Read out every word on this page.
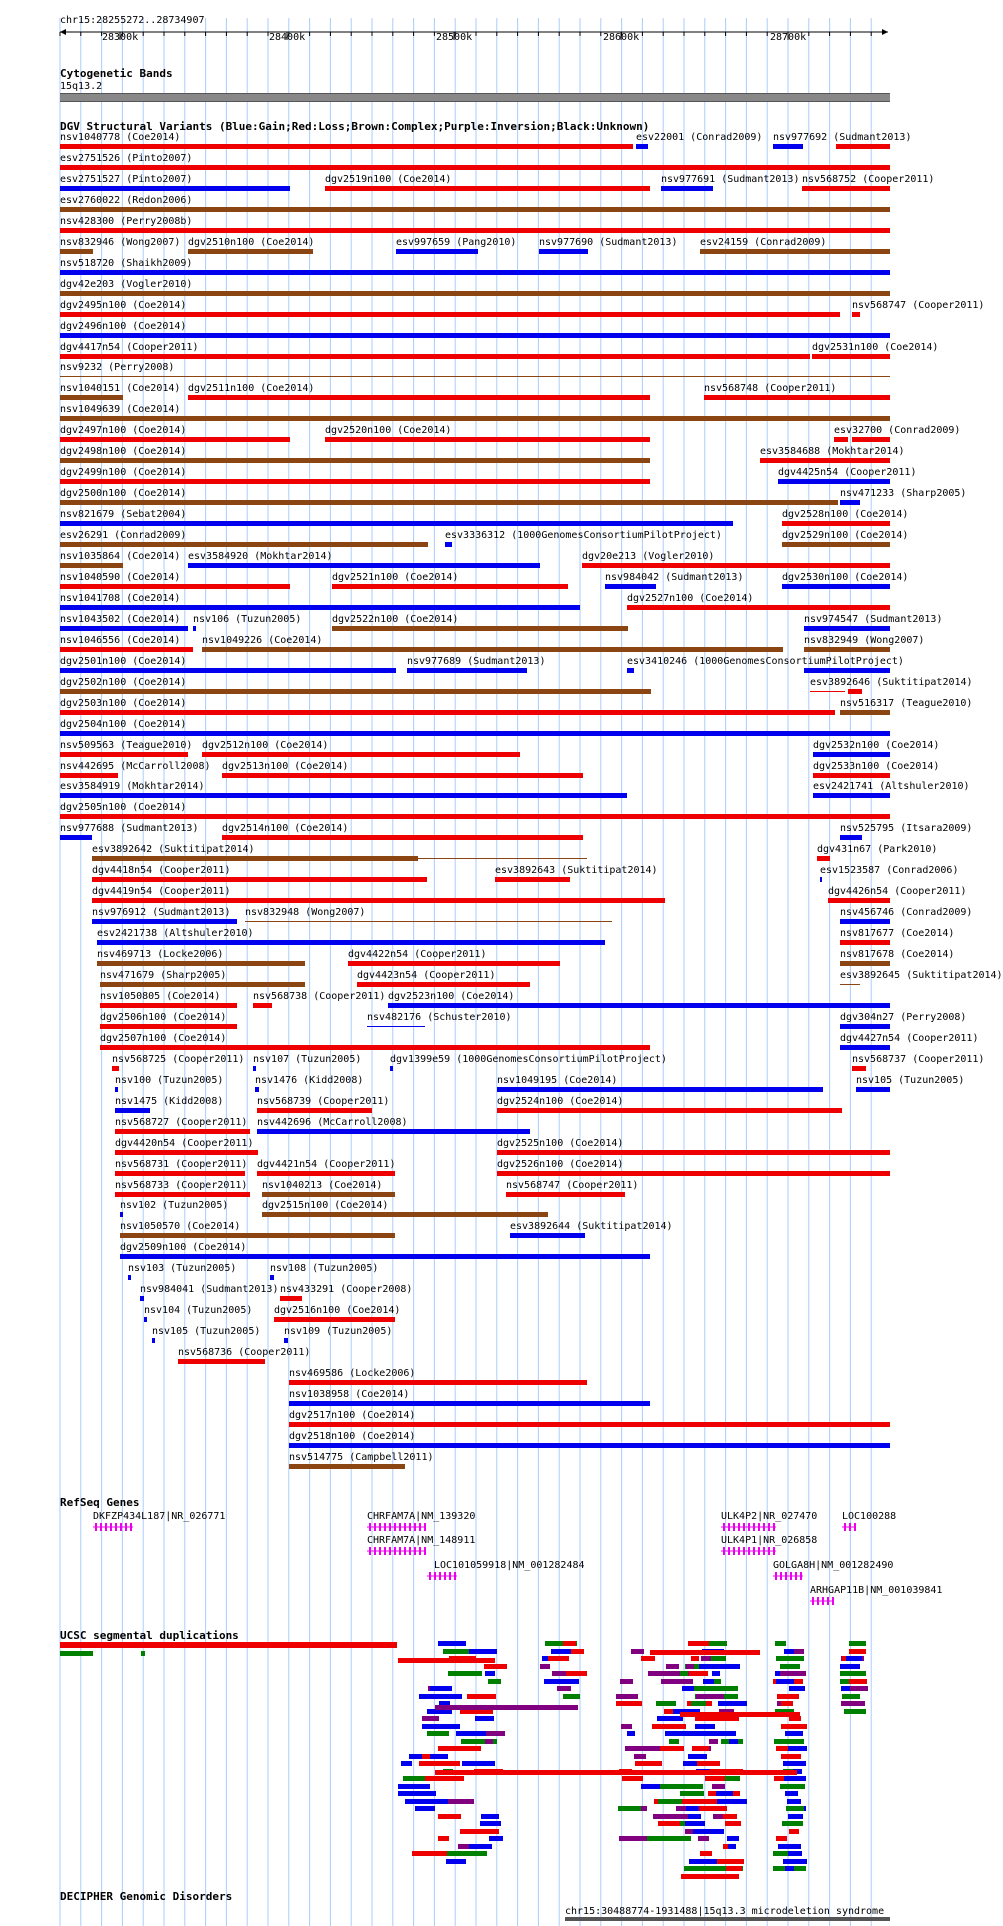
chr15:28255272..28734907
28300k	28400k	28500k	28600k	28700k
Cytogenetic Bands
15q13.2
DGV Structural Variants (Blue:Gain;Red:Loss;Brown:Complex;Purple:Inversion;Black:Unknown)
nsv1040778 (Coe2014)	esv22001 (Conrad2009) nsv977692 (Sudmant2013)
esv2751526 (Pinto2007)
esv2751527 (Pinto2007)	dgv2519n100 (Coe2014)	nsv977691 (Sudmant2013) nsv568752 (Cooper2011)
esv2760022 (Redon2006)
nsv428300 (Perry2008b)
nsv832946 (Wong2007) dgv2510n100 (Coe2014)	esv997659 (Pang2010) nsv977690 (Sudmant2013) esv24159 (Conrad2009)
nsv518720 (Shaikh2009)
dgv42e203 (Vogler2010)
dgv2495n100 (Coe2014)	nsv568747 (Cooper2011)
dgv2496n100 (Coe2014)
dgv4417n54 (Cooper2011)	dgv2531n100 (Coe2014)
nsv9232 (Perry2008)
nsv1040151 (Coe2014) dgv2511n100 (Coe2014)	nsv568748 (Cooper2011)
nsv1049639 (Coe2014)
dgv2497n100 (Coe2014)	dgv2520n100 (Coe2014)	esv32700 (Conrad2009)
dgv2498n100 (Coe2014)	esv3584688 (Mokhtar2014)
dgv2499n100 (Coe2014)	dgv4425n54 (Cooper2011)
dgv2500n100 (Coe2014)	nsv471233 (Sharp2005)
nsv821679 (Sebat2004)	dgv2528n100 (Coe2014)
esv26291 (Conrad2009)	esv3336312 (1000GenomesConsortiumPilotProject)	dgv2529n100 (Coe2014)
nsv1035864 (Coe2014) esv3584920 (Mokhtar2014)	dgv20e213 (Vogler2010)
nsv1040590 (Coe2014)	dgv2521n100 (Coe2014)	nsv984042 (Sudmant2013)	dgv2530n100 (Coe2014)
nsv1041708 (Coe2014)	dgv2527n100 (Coe2014)
nsv1043502 (Coe2014) nsv106 (Tuzun2005)	dgv2522n100 (Coe2014)	nsv974547 (Sudmant2013)
nsv1046556 (Coe2014) nsv1049226 (Coe2014)	nsv832949 (Wong2007)
dgv2501n100 (Coe2014)	nsv977689 (Sudmant2013)	esv3410246 (1000GenomesConsortiumPilotProject)
dgv2502n100 (Coe2014)	esv3892646 (Suktitipat2014)
dgv2503n100 (Coe2014)	nsv516317 (Teague2010)
dgv2504n100 (Coe2014)
nsv509563 (Teague2010) dgv2512n100 (Coe2014)	dgv2532n100 (Coe2014)
nsv442695 (McCarroll2008) dgv2513n100 (Coe2014)	dgv2533n100 (Coe2014)
esv3584919 (Mokhtar2014)	esv2421741 (Altshuler2010)
dgv2505n100 (Coe2014)
nsv977688 (Sudmant2013) dgv2514n100 (Coe2014)	nsv525795 (Itsara2009)
esv3892642 (Suktitipat2014)	dgv431n67 (Park2010)
dgv4418n54 (Cooper2011)	esv3892643 (Suktitipat2014)	esv1523587 (Conrad2006)
dgv4419n54 (Cooper2011)	dgv4426n54 (Cooper2011)
nsv976912 (Sudmant2013) nsv832948 (Wong2007)	nsv456746 (Conrad2009)
esv2421738 (Altshuler2010)	nsv817677 (Coe2014)
nsv469713 (Locke2006)	dgv4422n54 (Cooper2011)	nsv817678 (Coe2014)
nsv471679 (Sharp2005)	dgv4423n54 (Cooper2011)	esv3892645 (Suktitipat2014)
nsv1050805 (Coe2014)	nsv568738 (Cooper2011) dgv2523n100 (Coe2014)
dgv2506n100 (Coe2014)	nsv482176 (Schuster2010)	dgv304n27 (Perry2008)
dgv2507n100 (Coe2014)	dgv4427n54 (Cooper2011)
nsv568725 (Cooper2011) nsv107 (Tuzun2005)	dgv1399e59 (1000GenomesConsortiumPilotProject)	nsv568737 (Cooper2011)
nsv100 (Tuzun2005)	nsv1476 (Kidd2008)	nsv1049195 (Coe2014)	nsv105 (Tuzun2005)
nsv1475 (Kidd2008)	nsv568739 (Cooper2011)	dgv2524n100 (Coe2014)
nsv568727 (Cooper2011) nsv442696 (McCarroll2008)
dgv4420n54 (Cooper2011)	dgv2525n100 (Coe2014)
nsv568731 (Cooper2011) dgv4421n54 (Cooper2011)	dgv2526n100 (Coe2014)
nsv568733 (Cooper2011) nsv1040213 (Coe2014)	nsv568747 (Cooper2011)
nsv102 (Tuzun2005)	dgv2515n100 (Coe2014)
nsv1050570 (Coe2014)	esv3892644 (Suktitipat2014)
dgv2509n100 (Coe2014)
nsv103 (Tuzun2005)	nsv108 (Tuzun2005)
nsv984041 (Sudmant2013) nsv433291 (Cooper2008)
nsv104 (Tuzun2005) dgv2516n100 (Coe2014)
nsv105 (Tuzun2005) nsv109 (Tuzun2005)
nsv568736 (Cooper2011)
nsv469586 (Locke2006)
nsv1038958 (Coe2014)
dgv2517n100 (Coe2014)
dgv2518n100 (Coe2014)
nsv514775 (Campbell2011)
RefSeq Genes
DKFZP434L187|NR_026771	CHRFAM7A|NM_139320
CHRFAM7A|NM_148911
LOC101059918|NM_001282484
ULK4P2|NR_027470
ULK4P1|NR_026858
GOLGA8H|NM_001282490
ARHGAP11B|NM_001039841
LOC100288
UCSC segmental duplications
DECIPHER Genomic Disorders
chr15:30488774-1931488|15q13.3 microdeletion syndrome
